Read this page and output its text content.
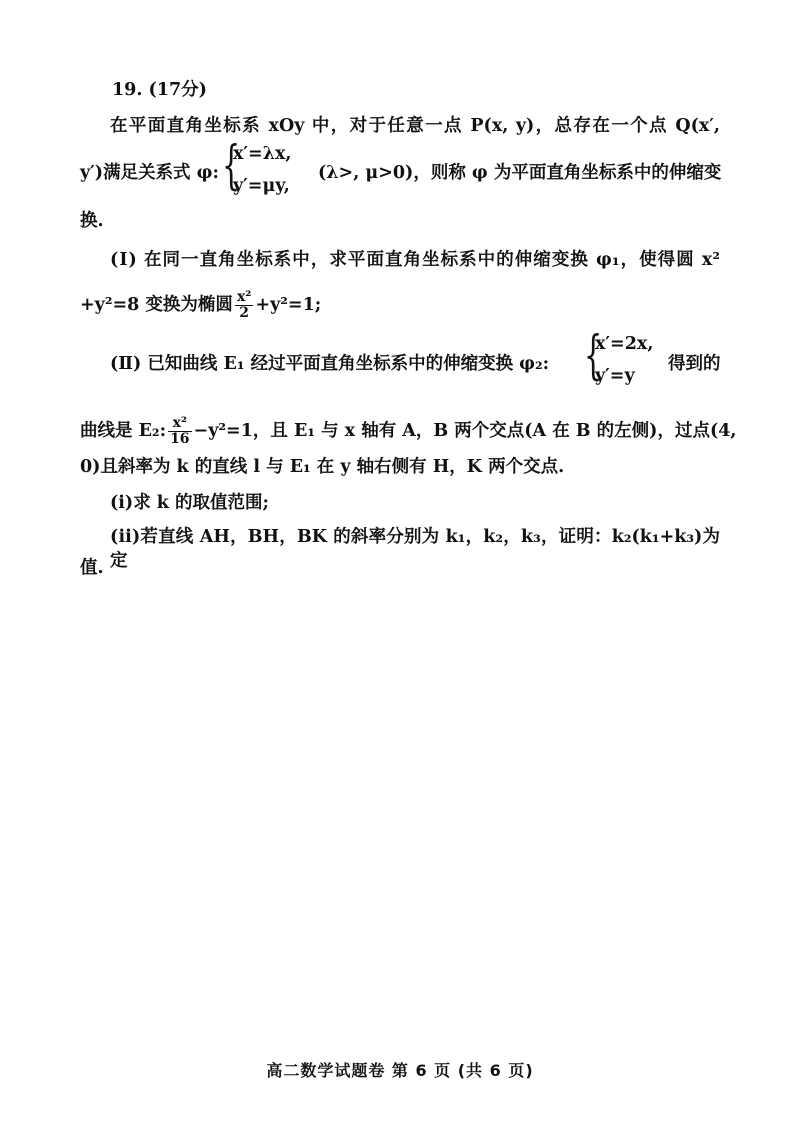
19. (17分)
在平面直角坐标系 xOy 中，对于任意一点 P(x, y)，总存在一个点 Q(x′,
y′)满足关系式 φ: {
x′=λx,
y′=μy,
(λ>, μ>0)，则称 φ 为平面直角坐标系中的伸缩变
换.
(Ⅰ) 在同一直角坐标系中，求平面直角坐标系中的伸缩变换 φ₁，使得圆 x²
+y²=8 变换为椭圆 $\frac{\text{x²}}{2} +y^2=1$;
(Ⅱ) 已知曲线 E₁ 经过平面直角坐标系中的伸缩变换 φ₂: {
x′=2x,
y′=y
得到的
曲线是 E₂: $\frac{\text{x²}}{16} -y^2=1$，且 E₁ 与 x 轴有 A，B 两个交点(A 在 B 的左侧)，过点(4,
0)且斜率为 k 的直线 l 与 E₁ 在 y 轴右侧有 H，K 两个交点.
(ⅰ)求 k 的取值范围;
(ⅱ)若直线 AH，BH，BK 的斜率分别为 k₁，k₂，k₃，证明：k₂(k₁+k₃)为定
值.
高二数学试题卷 第 6 页 (共 6 页)
